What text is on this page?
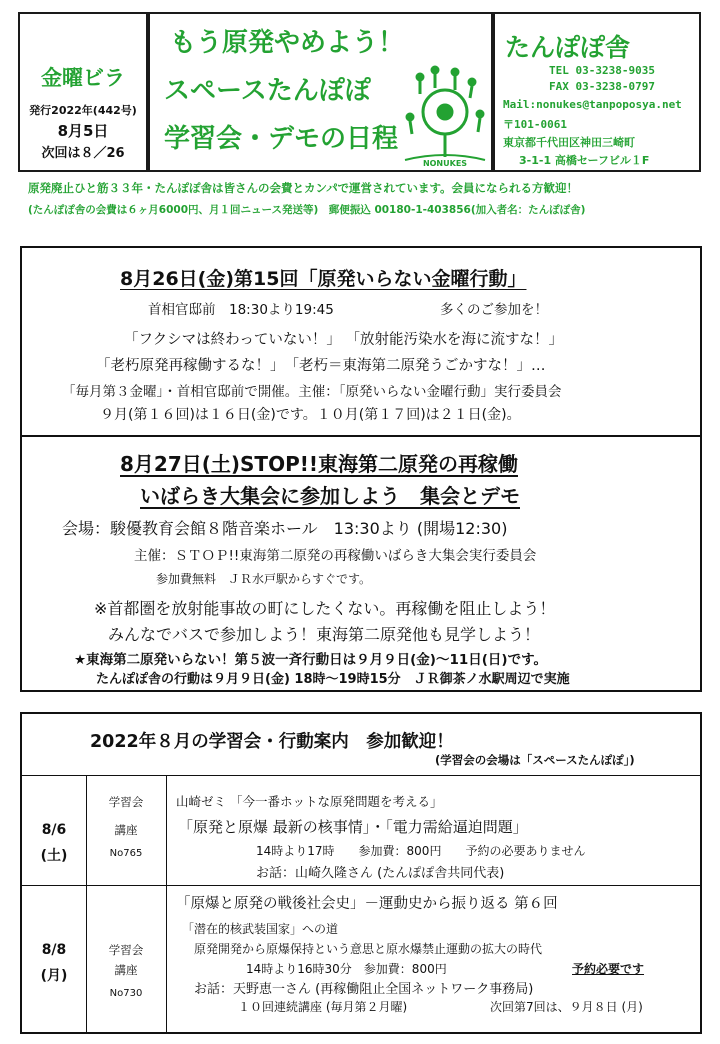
金曜ビラ
発行2022年(442号)
8月5日
次回は８／26
もう原発やめよう！
スペースたんぽぽ
学習会・デモの日程
NONUKES
たんぽぽ舎
TEL 03-3238-9035
FAX 03-3238-0797
Mail:nonukes@tanpoposya.net
〒101-0061
東京都千代田区神田三崎町
3-1-1 高橋セーフビル１F
原発廃止ひと筋３３年・たんぽぽ舎は皆さんの会費とカンパで運営されています。会員になられる方歓迎！
(たんぽぽ舎の会費は６ヶ月6000円、月１回ニュース発送等)　郵便振込 00180-1-403856(加入者名：たんぽぽ舎)
8月26日(金)第15回「原発いらない金曜行動」
首相官邸前　18:30より19:45	多くのご参加を！
「フクシマは終わっていない！」 「放射能汚染水を海に流すな！」
「老朽原発再稼働するな！」　「老朽＝東海第二原発うごかすな！」…
「毎月第３金曜」・首相官邸前で開催。主催：「原発いらない金曜行動」実行委員会
９月(第１６回)は１６日(金)です。１０月(第１７回)は２１日(金)。
8月27日(土)STOP!!東海第二原発の再稼働
いばらき大集会に参加しよう　集会とデモ
会場：駿優教育会館８階音楽ホール　13:30より (開場12:30)
主催：ＳＴＯＰ!!東海第二原発の再稼働いばらき大集会実行委員会
参加費無料　ＪＲ水戸駅からすぐです。
※首都圏を放射能事故の町にしたくない。再稼働を阻止しよう！
みんなでバスで参加しよう！東海第二原発他も見学しよう！
★東海第二原発いらない！第５波一斉行動日は９月９日(金)～11日(日)です。
たんぽぽ舎の行動は９月９日(金) 18時～19時15分　ＪＲ御茶ノ水駅周辺で実施
2022年８月の学習会・行動案内　参加歓迎！
(学習会の会場は「スペースたんぽぽ」)
8/6
(土)
学習会
講座
No765
山崎ゼミ 「今一番ホットな原発問題を考える」
「原発と原爆 最新の核事情」・「電力需給逼迫問題」
14時より17時　　参加費：800円　　予約の必要ありません
お話：山崎久隆さん (たんぽぽ舎共同代表)
8/8
(月)
学習会
講座
No730
「原爆と原発の戦後社会史」－運動史から振り返る 第６回
「潜在的核武装国家」への道
原発開発から原爆保持という意思と原水爆禁止運動の拡大の時代
14時より16時30分　参加費：800円	予約必要です
お話：天野恵一さん (再稼働阻止全国ネットワーク事務局)
１０回連続講座 (毎月第２月曜)	次回第7回は、９月８日 (月)
